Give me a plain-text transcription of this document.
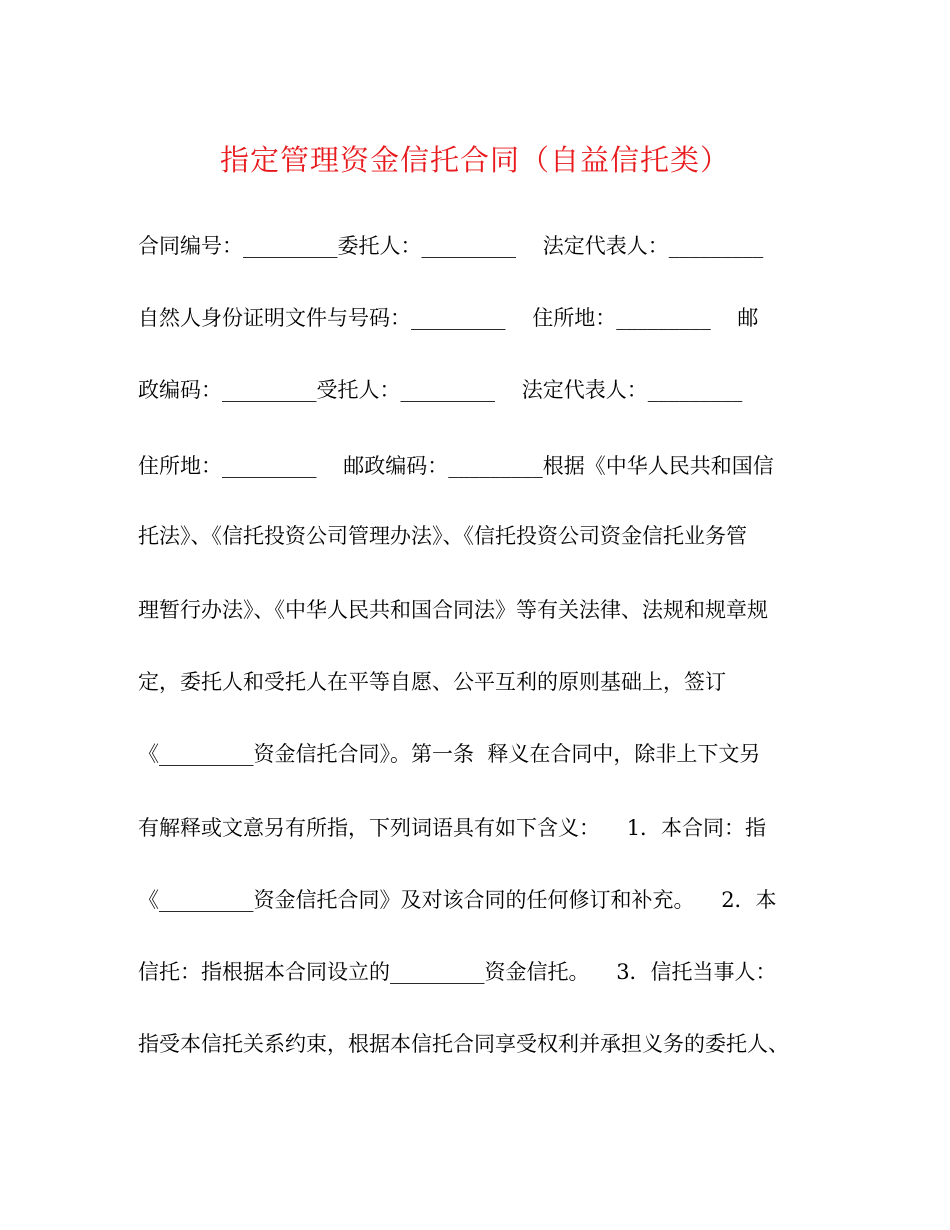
指定管理资金信托合同（自益信托类）

合同编号：_________委托人：_________    法定代表人：_________

自然人身份证明文件与号码：_________    住所地：_________    邮

政编码：_________受托人：_________    法定代表人：_________

住所地：_________    邮政编码：_________根据《中华人民共和国信

托法》、《信托投资公司管理办法》、《信托投资公司资金信托业务管

理暂行办法》、《中华人民共和国合同法》等有关法律、法规和规章规

定，委托人和受托人在平等自愿、公平互利的原则基础上，签订

《_________资金信托合同》。第一条  释义在合同中，除非上下文另

有解释或文意另有所指，下列词语具有如下含义：    1．本合同：指

《_________资金信托合同》及对该合同的任何修订和补充。    2．本

信托：指根据本合同设立的_________资金信托。    3．信托当事人：

指受本信托关系约束，根据本信托合同享受权利并承担义务的委托人、
